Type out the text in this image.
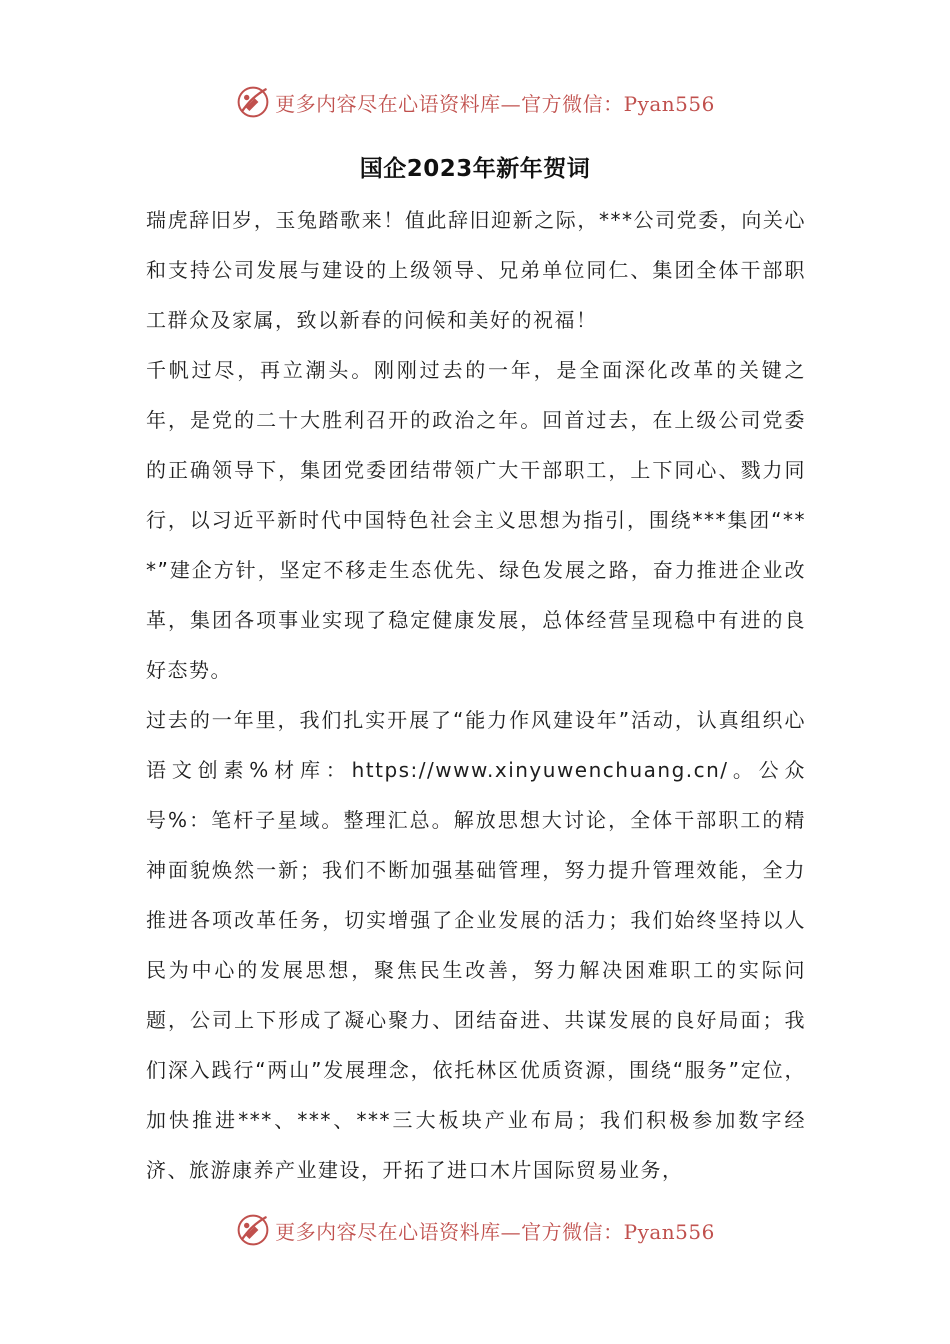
更多内容尽在心语资料库—官方微信：Pyan556
国企2023年新年贺词

瑞虎辞旧岁，玉兔踏歌来！值此辞旧迎新之际，***公司党委，向关心和支持公司发展与建设的上级领导、兄弟单位同仁、集团全体干部职工群众及家属，致以新春的问候和美好的祝福！

千帆过尽，再立潮头。刚刚过去的一年，是全面深化改革的关键之年，是党的二十大胜利召开的政治之年。回首过去，在上级公司党委的正确领导下，集团党委团结带领广大干部职工，上下同心、戮力同行，以习近平新时代中国特色社会主义思想为指引，围绕***集团“***”建企方针，坚定不移走生态优先、绿色发展之路，奋力推进企业改革，集团各项事业实现了稳定健康发展，总体经营呈现稳中有进的良好态势。

过去的一年里，我们扎实开展了“能力作风建设年”活动，认真组织心语文创素%材库：https://www.xinyuwenchuang.cn/。公众号%：笔杆子星域。整理汇总。解放思想大讨论，全体干部职工的精神面貌焕然一新；我们不断加强基础管理，努力提升管理效能，全力推进各项改革任务，切实增强了企业发展的活力；我们始终坚持以人民为中心的发展思想，聚焦民生改善，努力解决困难职工的实际问题，公司上下形成了凝心聚力、团结奋进、共谋发展的良好局面；我们深入践行“两山”发展理念，依托林区优质资源，围绕“服务”定位，加快推进***、***、***三大板块产业布局；我们积极参加数字经济、旅游康养产业建设，开拓了进口木片国际贸易业务，

更多内容尽在心语资料库—官方微信：Pyan556
